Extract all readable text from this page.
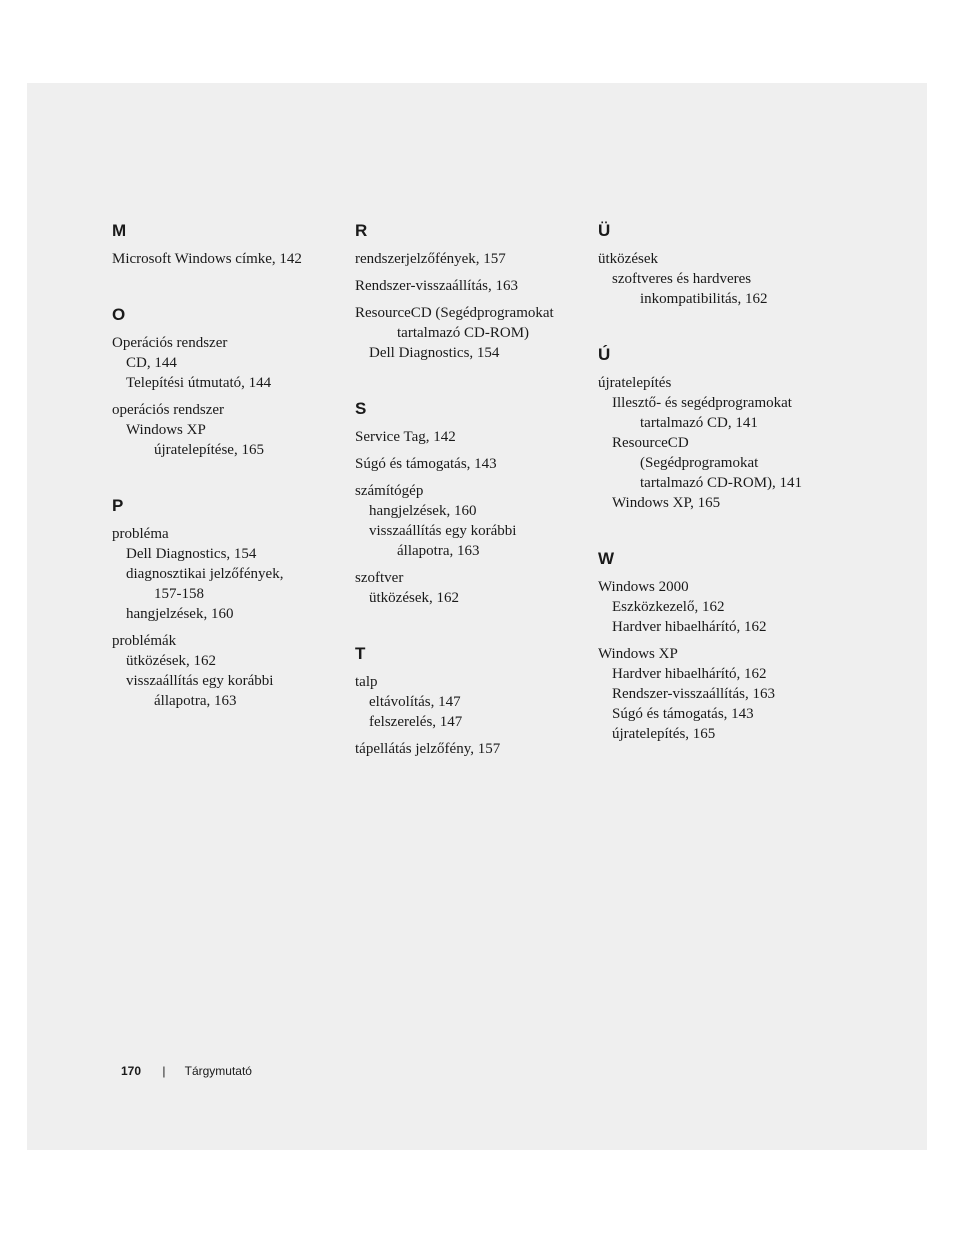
M
Microsoft Windows címke, 142
O
Operációs rendszer
CD, 144
Telepítési útmutató, 144
operációs rendszer
Windows XP
újratelepítése, 165
P
probléma
Dell Diagnostics, 154
diagnosztikai jelzőfények,
157-158
hangjelzések, 160
problémák
ütközések, 162
visszaállítás egy korábbi
állapotra, 163
R
rendszerjelzőfények, 157
Rendszer-visszaállítás, 163
ResourceCD (Segédprogramokat
tartalmazó CD-ROM)
Dell Diagnostics, 154
S
Service Tag, 142
Súgó és támogatás, 143
számítógép
hangjelzések, 160
visszaállítás egy korábbi
állapotra, 163
szoftver
ütközések, 162
T
talp
eltávolítás, 147
felszerelés, 147
tápellátás jelzőfény, 157
Ü
ütközések
szoftveres és hardveres
inkompatibilitás, 162
Ú
újratelepítés
Illesztő- és segédprogramokat
tartalmazó CD, 141
ResourceCD
(Segédprogramokat
tartalmazó CD-ROM), 141
Windows XP, 165
W
Windows 2000
Eszközkezelő, 162
Hardver hibaelhárító, 162
Windows XP
Hardver hibaelhárító, 162
Rendszer-visszaállítás, 163
Súgó és támogatás, 143
újratelepítés, 165
170 | Tárgymutató
